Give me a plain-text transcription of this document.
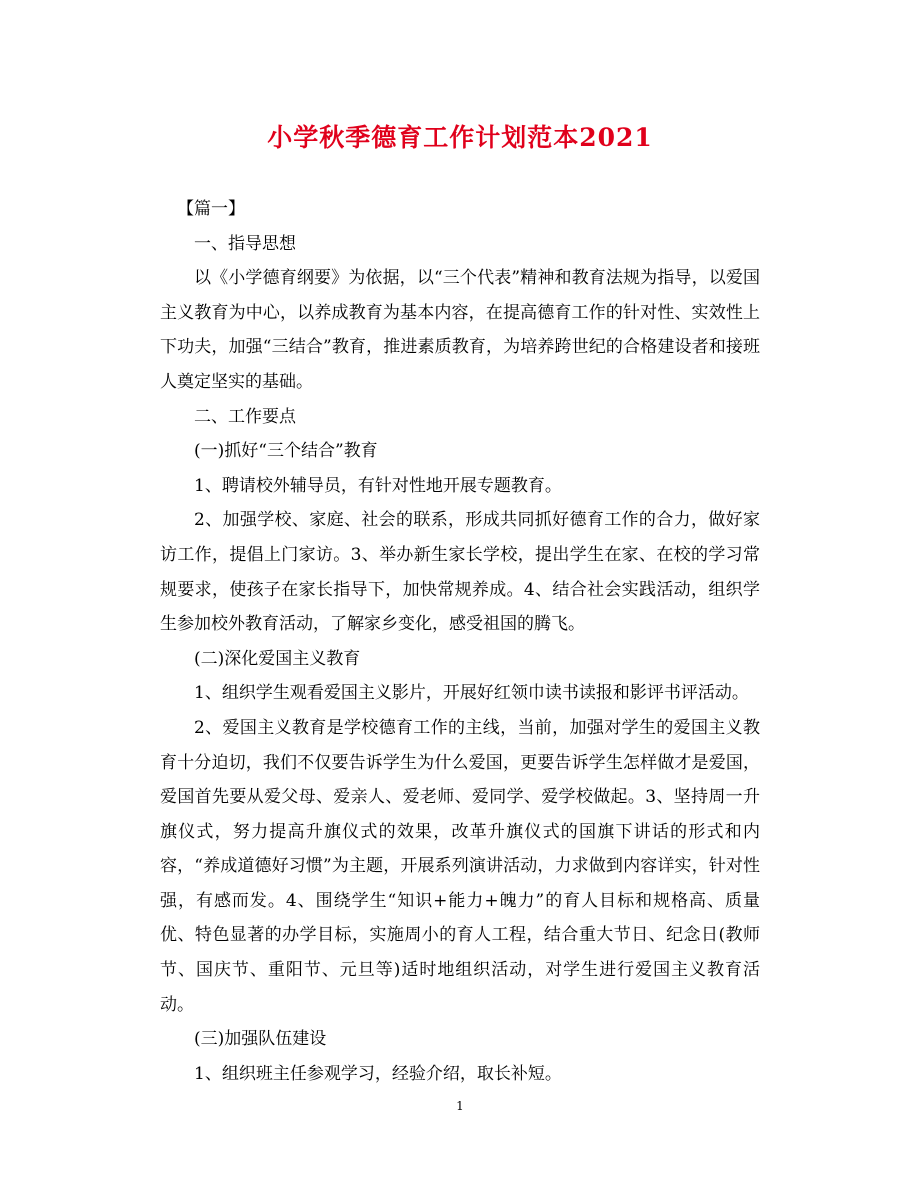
小学秋季德育工作计划范本2021

【篇一】

一、指导思想

以《小学德育纲要》为依据，以“三个代表”精神和教育法规为指导，以爱国主义教育为中心，以养成教育为基本内容，在提高德育工作的针对性、实效性上下功夫，加强“三结合”教育，推进素质教育，为培养跨世纪的合格建设者和接班人奠定坚实的基础。

二、工作要点

(一)抓好“三个结合”教育

1、聘请校外辅导员，有针对性地开展专题教育。

2、加强学校、家庭、社会的联系，形成共同抓好德育工作的合力，做好家访工作，提倡上门家访。3、举办新生家长学校，提出学生在家、在校的学习常规要求，使孩子在家长指导下，加快常规养成。4、结合社会实践活动，组织学生参加校外教育活动，了解家乡变化，感受祖国的腾飞。

(二)深化爱国主义教育

1、组织学生观看爱国主义影片，开展好红领巾读书读报和影评书评活动。

2、爱国主义教育是学校德育工作的主线，当前，加强对学生的爱国主义教育十分迫切，我们不仅要告诉学生为什么爱国，更要告诉学生怎样做才是爱国，爱国首先要从爱父母、爱亲人、爱老师、爱同学、爱学校做起。3、坚持周一升旗仪式，努力提高升旗仪式的效果，改革升旗仪式的国旗下讲话的形式和内容，“养成道德好习惯”为主题，开展系列演讲活动，力求做到内容详实，针对性强，有感而发。4、围绕学生“知识+能力+魄力”的育人目标和规格高、质量优、特色显著的办学目标，实施周小的育人工程，结合重大节日、纪念日(教师节、国庆节、重阳节、元旦等)适时地组织活动，对学生进行爱国主义教育活动。

(三)加强队伍建设

1、组织班主任参观学习，经验介绍，取长补短。

1
